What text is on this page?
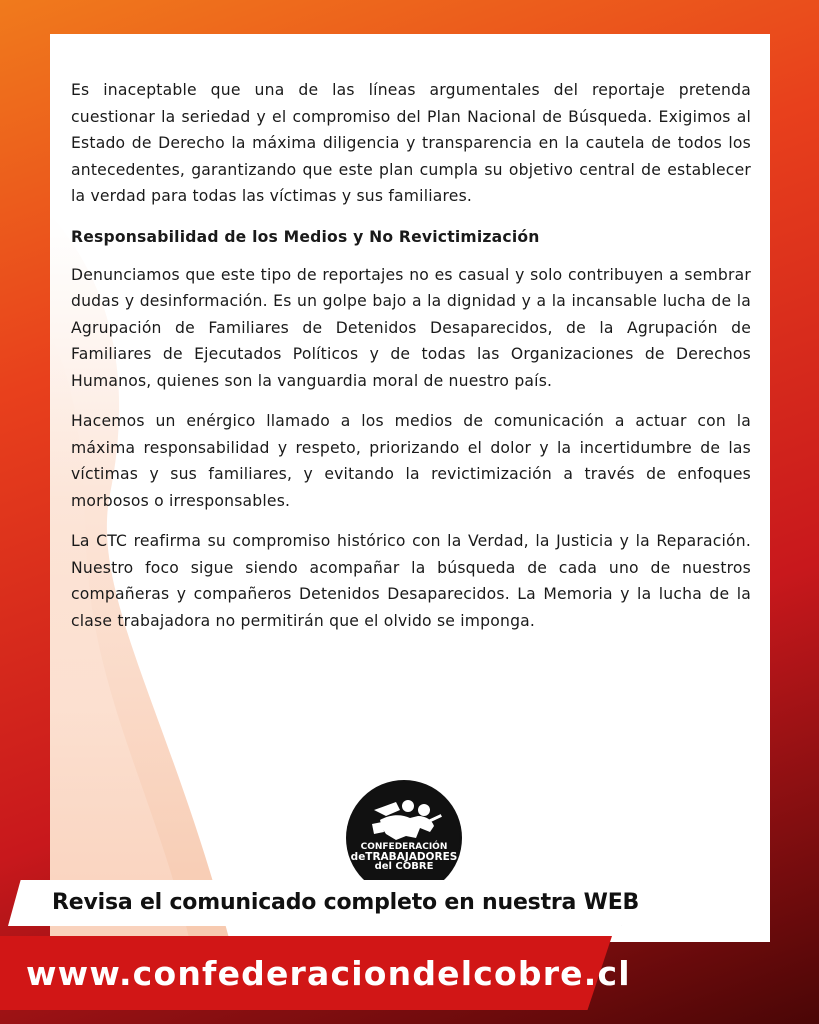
Es inaceptable que una de las líneas argumentales del reportaje pretenda cuestionar la seriedad y el compromiso del Plan Nacional de Búsqueda. Exigimos al Estado de Derecho la máxima diligencia y transparencia en la cautela de todos los antecedentes, garantizando que este plan cumpla su objetivo central de establecer la verdad para todas las víctimas y sus familiares.

Responsabilidad de los Medios y No Revictimización

Denunciamos que este tipo de reportajes no es casual y solo contribuyen a sembrar dudas y desinformación. Es un golpe bajo a la dignidad y a la incansable lucha de la Agrupación de Familiares de Detenidos Desaparecidos, de la Agrupación de Familiares de Ejecutados Políticos y de todas las Organizaciones de Derechos Humanos, quienes son la vanguardia moral de nuestro país.

Hacemos un enérgico llamado a los medios de comunicación a actuar con la máxima responsabilidad y respeto, priorizando el dolor y la incertidumbre de las víctimas y sus familiares, y evitando la revictimización a través de enfoques morbosos o irresponsables.

La CTC reafirma su compromiso histórico con la Verdad, la Justicia y la Reparación. Nuestro foco sigue siendo acompañar la búsqueda de cada uno de nuestros compañeras y compañeros Detenidos Desaparecidos. La Memoria y la lucha de la clase trabajadora no permitirán que el olvido se imponga.

CONFEDERACIÓN
deTRABAJADORES
del COBRE
Revisa el comunicado completo en nuestra WEB
www.confederaciondelcobre.cl
